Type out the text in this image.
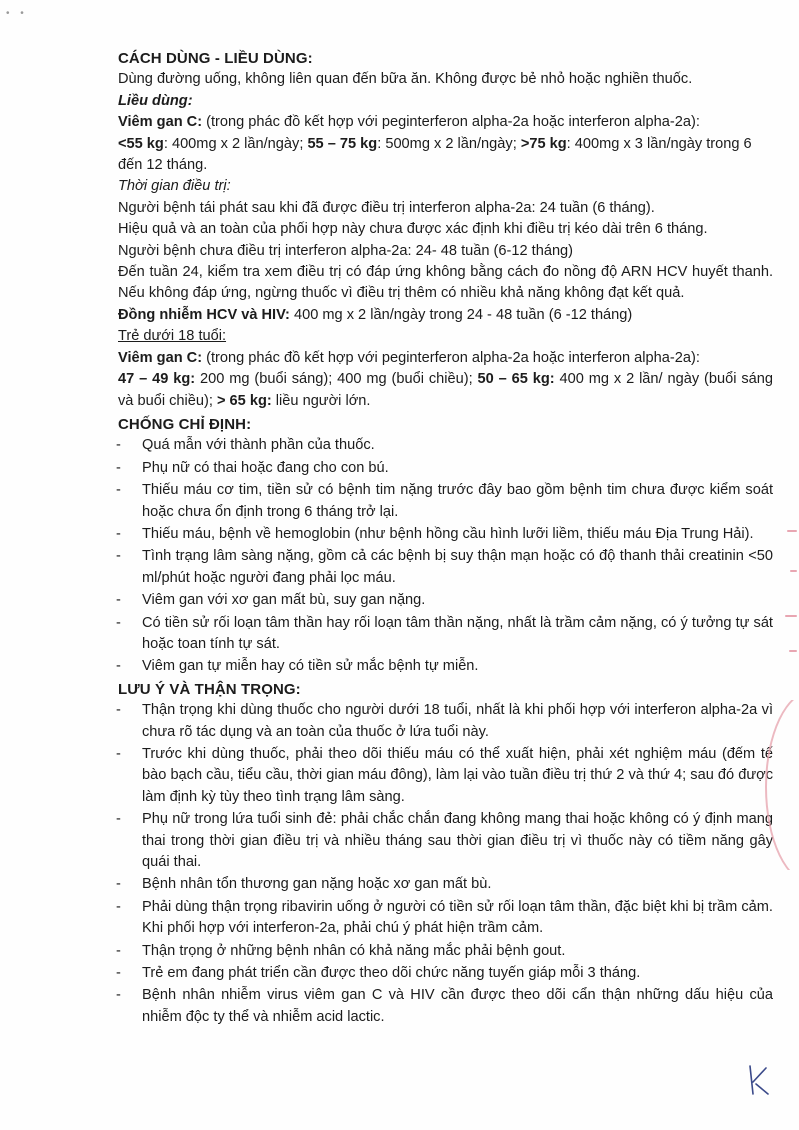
• •

CÁCH DÙNG - LIỀU DÙNG:

Dùng đường uống, không liên quan đến bữa ăn. Không được bẻ nhỏ hoặc nghiền thuốc.

Liều dùng:

Viêm gan C: (trong phác đồ kết hợp với peginterferon alpha-2a hoặc interferon alpha-2a):

<55 kg: 400mg x 2 lần/ngày; 55 – 75 kg: 500mg x 2 lần/ngày; >75 kg: 400mg x 3 lần/ngày trong 6 đến 12 tháng.

Thời gian điều trị:

Người bệnh tái phát sau khi đã được điều trị interferon alpha-2a: 24 tuần (6 tháng).

Hiệu quả và an toàn của phối hợp này chưa được xác định khi điều trị kéo dài trên 6 tháng.

Người bệnh chưa điều trị interferon alpha-2a: 24- 48 tuần (6-12 tháng)

Đến tuần 24, kiểm tra xem điều trị có đáp ứng không bằng cách đo nồng độ ARN HCV huyết thanh. Nếu không đáp ứng, ngừng thuốc vì điều trị thêm có nhiều khả năng không đạt kết quả.

Đồng nhiễm HCV và HIV: 400 mg x 2 lần/ngày trong 24 - 48 tuần (6 -12 tháng)

Trẻ dưới 18 tuổi:

Viêm gan C: (trong phác đồ kết hợp với peginterferon alpha-2a hoặc interferon alpha-2a):

47 – 49 kg: 200 mg (buổi sáng); 400 mg (buổi chiều); 50 – 65 kg: 400 mg x 2 lần/ ngày (buổi sáng và buổi chiều); > 65 kg: liều người lớn.

CHỐNG CHỈ ĐỊNH:

- Quá mẫn với thành phần của thuốc.
- Phụ nữ có thai hoặc đang cho con bú.
- Thiếu máu cơ tim, tiền sử có bệnh tim nặng trước đây bao gồm bệnh tim chưa được kiểm soát hoặc chưa ổn định trong 6 tháng trở lại.
- Thiếu máu, bệnh về hemoglobin (như bệnh hồng cầu hình lưỡi liềm, thiếu máu Địa Trung Hải).
- Tình trạng lâm sàng nặng, gồm cả các bệnh bị suy thận mạn hoặc có độ thanh thải creatinin <50 ml/phút hoặc người đang phải lọc máu.
- Viêm gan với xơ gan mất bù, suy gan nặng.
- Có tiền sử rối loạn tâm thần hay rối loạn tâm thần nặng, nhất là trầm cảm nặng, có ý tưởng tự sát hoặc toan tính tự sát.
- Viêm gan tự miễn hay có tiền sử mắc bệnh tự miễn.

LƯU Ý VÀ THẬN TRỌNG:

- Thận trọng khi dùng thuốc cho người dưới 18 tuổi, nhất là khi phối hợp với interferon alpha-2a vì chưa rõ tác dụng và an toàn của thuốc ở lứa tuổi này.
- Trước khi dùng thuốc, phải theo dõi thiếu máu có thể xuất hiện, phải xét nghiệm máu (đếm tế bào bạch cầu, tiểu cầu, thời gian máu đông), làm lại vào tuần điều trị thứ 2 và thứ 4; sau đó được làm định kỳ tùy theo tình trạng lâm sàng.
- Phụ nữ trong lứa tuổi sinh đẻ: phải chắc chắn đang không mang thai hoặc không có ý định mang thai trong thời gian điều trị và nhiều tháng sau thời gian điều trị vì thuốc này có tiềm năng gây quái thai.
- Bệnh nhân tổn thương gan nặng hoặc xơ gan mất bù.
- Phải dùng thận trọng ribavirin uống ở người có tiền sử rối loạn tâm thần, đặc biệt khi bị trầm cảm. Khi phối hợp với interferon-2a, phải chú ý phát hiện trầm cảm.
- Thận trọng ở những bệnh nhân có khả năng mắc phải bệnh gout.
- Trẻ em đang phát triển cần được theo dõi chức năng tuyến giáp mỗi 3 tháng.
- Bệnh nhân nhiễm virus viêm gan C và HIV cần được theo dõi cẩn thận những dấu hiệu của nhiễm độc ty thể và nhiễm acid lactic.
